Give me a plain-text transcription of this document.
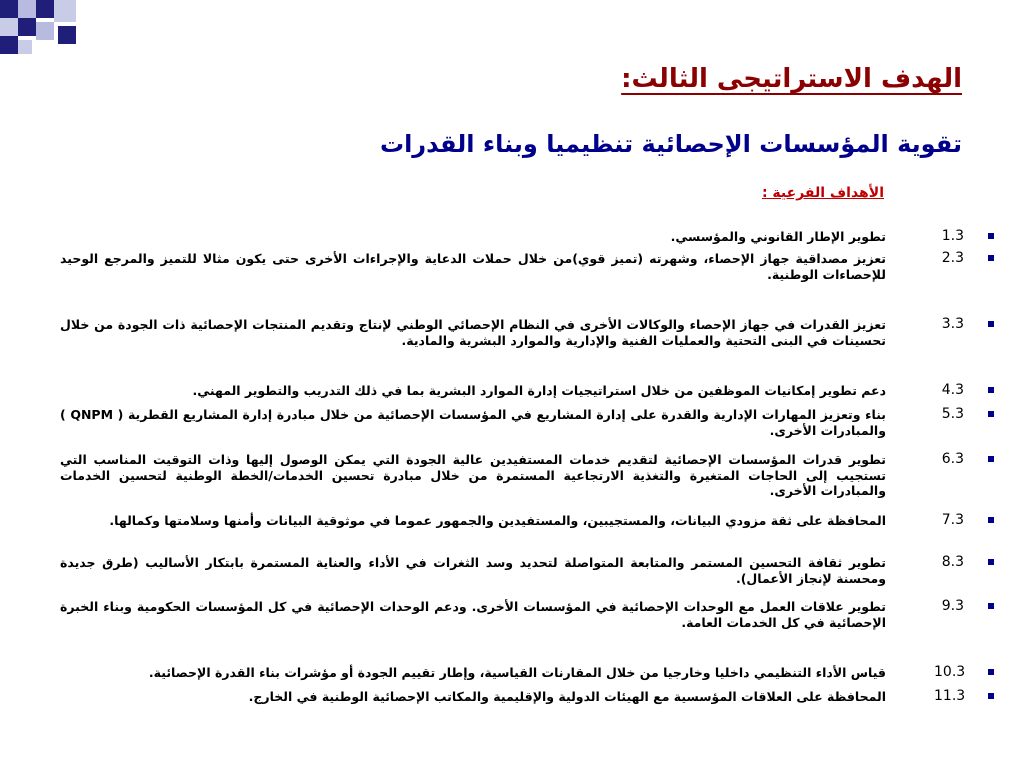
الهدف الاستراتيجى الثالث:
تقوية المؤسسات الإحصائية تنظيميا وبناء القدرات
الأهداف الفرعية :
1.3
تطوير الإطار القانوني والمؤسسي.
2.3
تعزيز مصداقية جهاز الإحصاء، وشهرته (تميز قوي)من خلال حملات الدعاية والإجراءات الأخرى حتى يكون مثالا للتميز والمرجع الوحيد للإحصاءات الوطنية.
3.3
تعزيز القدرات في جهاز الإحصاء والوكالات الأخرى في النظام الإحصائي الوطني لإنتاج وتقديم المنتجات الإحصائية ذات الجودة من خلال تحسينات في البنى التحتية والعمليات الفنية والإدارية والموارد البشرية والمادية.
4.3
دعم تطوير إمكانيات الموظفين من خلال استراتيجيات إدارة الموارد البشرية بما في ذلك التدريب والتطوير المهني.
5.3
بناء وتعزيز المهارات الإدارية والقدرة على إدارة المشاريع في المؤسسات الإحصائية من خلال مبادرة إدارة المشاريع القطرية ( QNPM ) والمبادرات الأخرى.
6.3
تطوير قدرات المؤسسات الإحصائية لتقديم خدمات المستفيدين عالية الجودة التي يمكن الوصول إليها وذات التوقيت المناسب التي تستجيب إلى الحاجات المتغيرة والتغذية الارتجاعية المستمرة من خلال مبادرة تحسين الخدمات/الخطة الوطنية لتحسين الخدمات والمبادرات الأخرى.
7.3
المحافظة على ثقة مزودي البيانات، والمستجيبين، والمستفيدين والجمهور عموما في موثوقية البيانات وأمنها وسلامتها وكمالها.
8.3
تطوير ثقافة التحسين المستمر والمتابعة المتواصلة لتحديد وسد الثغرات في الأداء والعناية المستمرة بابتكار الأساليب (طرق جديدة ومحسنة لإنجاز الأعمال).
9.3
تطوير علاقات العمل مع الوحدات الإحصائية في المؤسسات الأخرى. ودعم الوحدات الإحصائية في كل المؤسسات الحكومية وبناء الخبرة الإحصائية في كل الخدمات العامة.
10.3
قياس الأداء التنظيمي داخليا وخارجيا من خلال المقارنات القياسية، وإطار تقييم الجودة أو مؤشرات بناء القدرة الإحصائية.
11.3
المحافظة على العلاقات المؤسسية مع الهيئات الدولية والإقليمية والمكاتب الإحصائية الوطنية في الخارج.
